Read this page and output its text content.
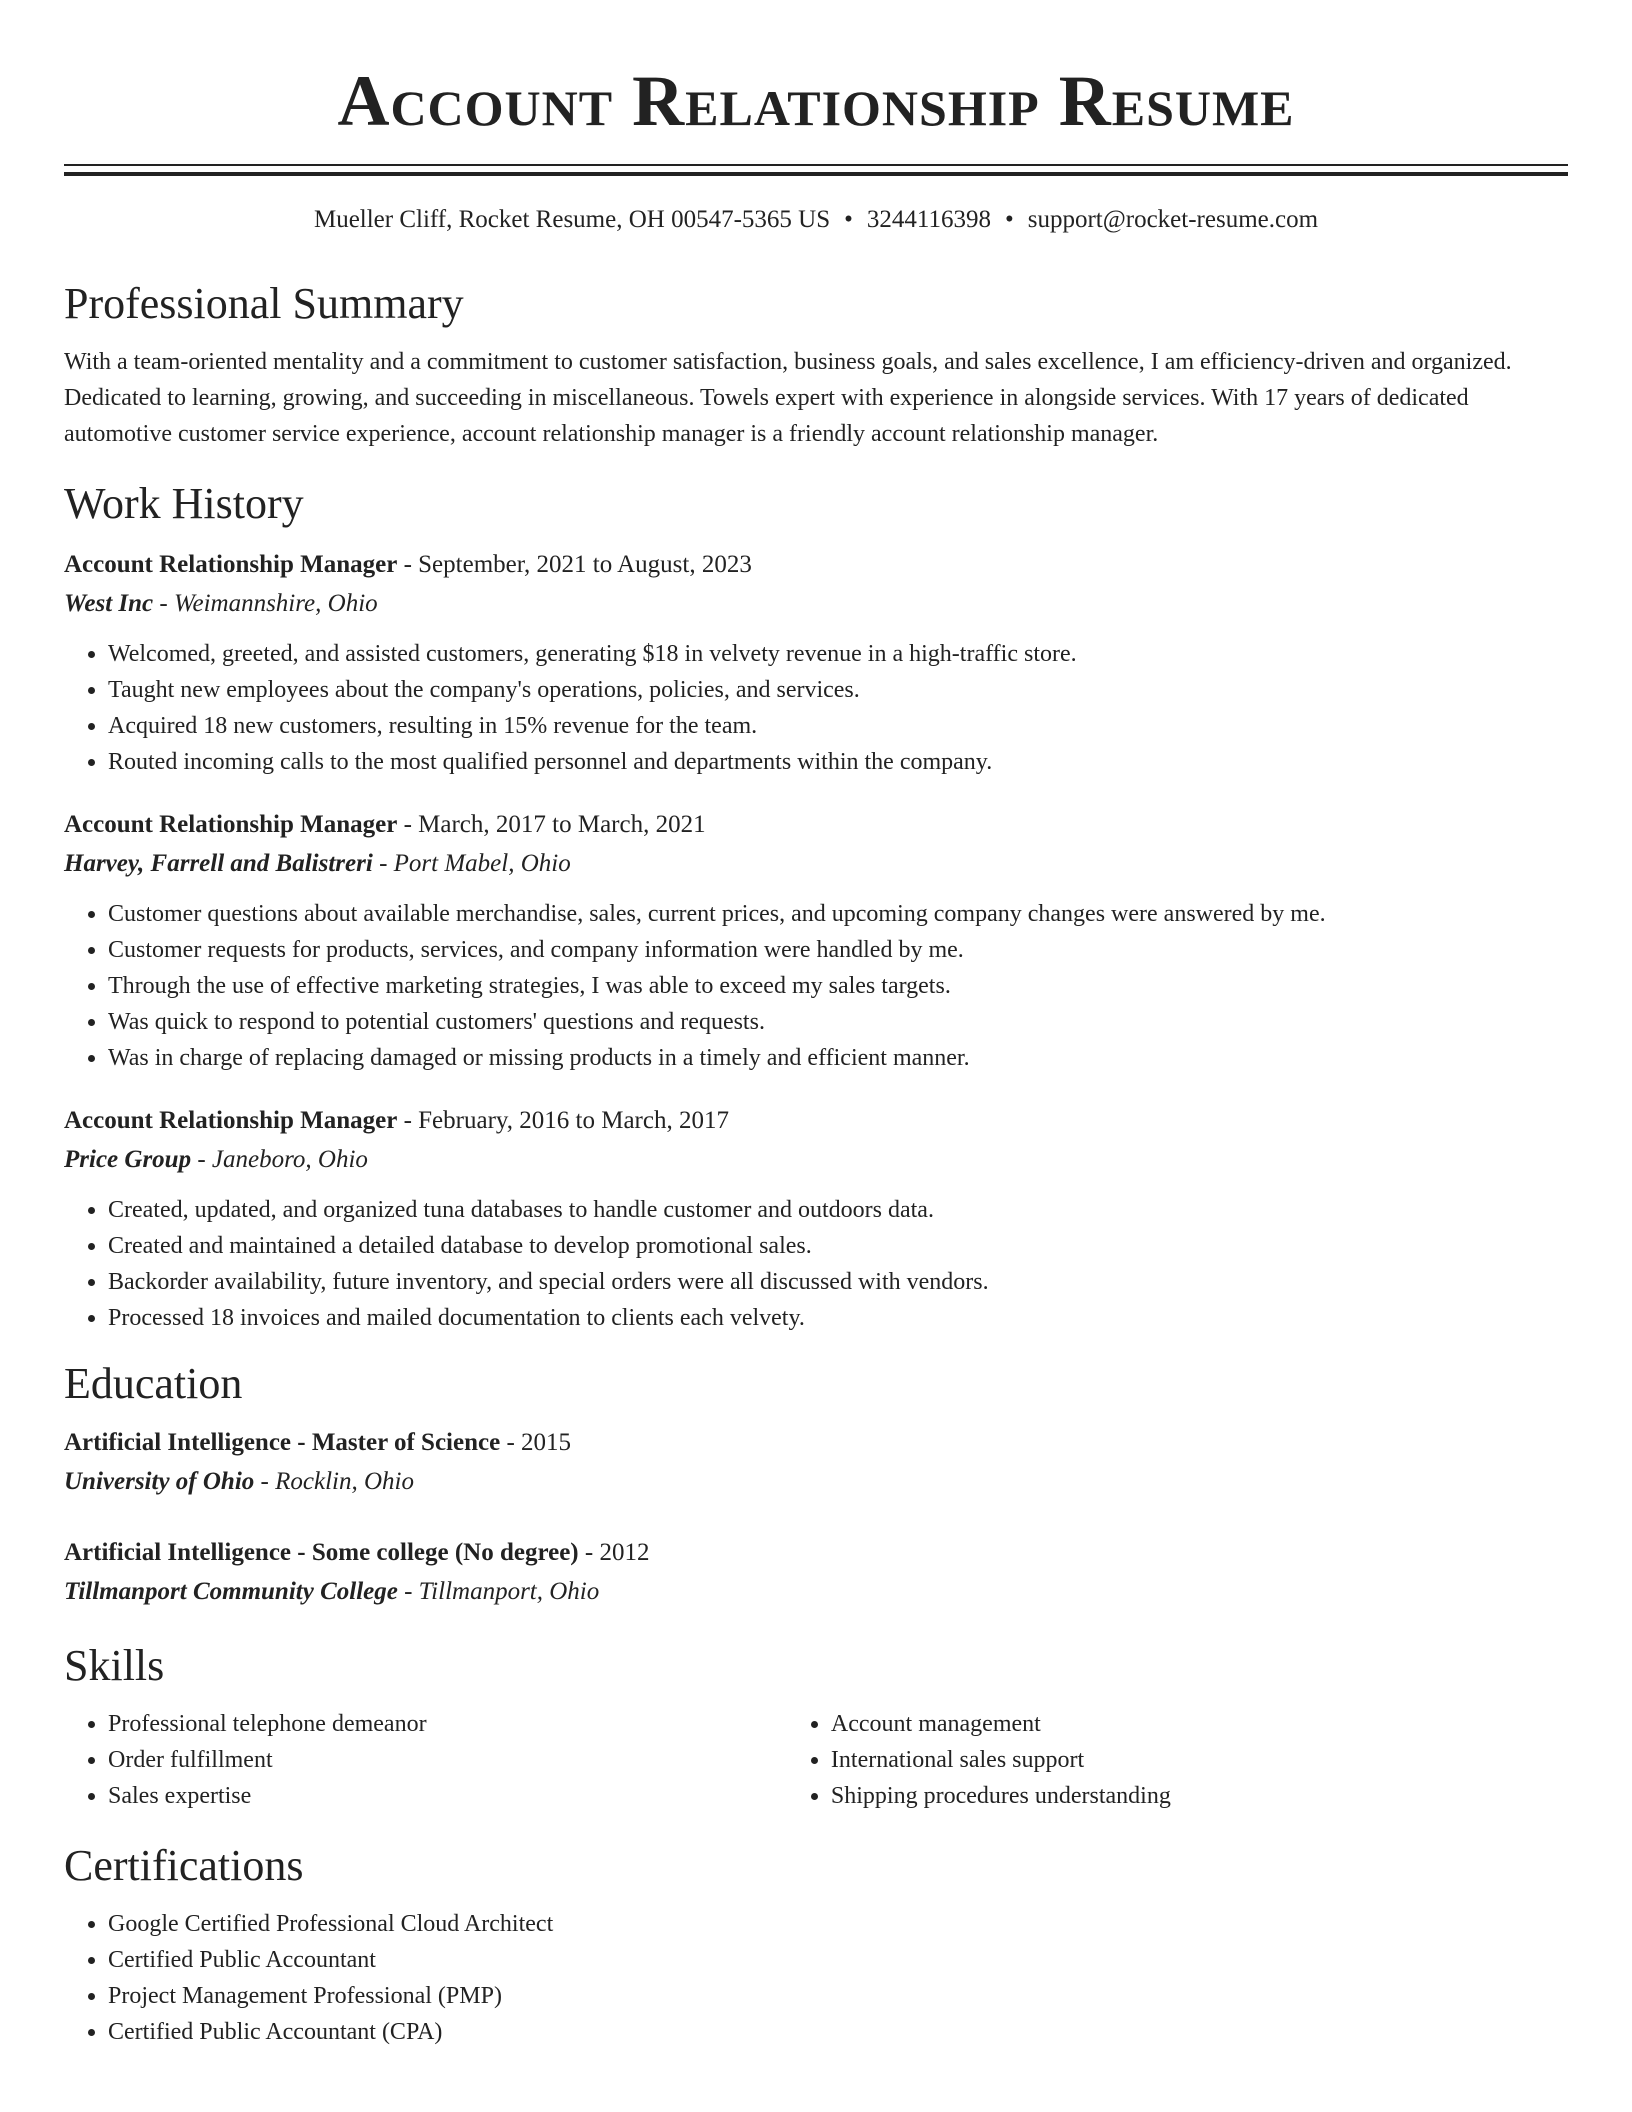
Account Relationship Resume
Mueller Cliff, Rocket Resume, OH 00547-5365 US • 3244116398 • support@rocket-resume.com
Professional Summary
With a team-oriented mentality and a commitment to customer satisfaction, business goals, and sales excellence, I am efficiency-driven and organized. Dedicated to learning, growing, and succeeding in miscellaneous. Towels expert with experience in alongside services. With 17 years of dedicated automotive customer service experience, account relationship manager is a friendly account relationship manager.
Work History
Account Relationship Manager - September, 2021 to August, 2023
West Inc - Weimannshire, Ohio
• Welcomed, greeted, and assisted customers, generating $18 in velvety revenue in a high-traffic store.
• Taught new employees about the company's operations, policies, and services.
• Acquired 18 new customers, resulting in 15% revenue for the team.
• Routed incoming calls to the most qualified personnel and departments within the company.
Account Relationship Manager - March, 2017 to March, 2021
Harvey, Farrell and Balistreri - Port Mabel, Ohio
• Customer questions about available merchandise, sales, current prices, and upcoming company changes were answered by me.
• Customer requests for products, services, and company information were handled by me.
• Through the use of effective marketing strategies, I was able to exceed my sales targets.
• Was quick to respond to potential customers' questions and requests.
• Was in charge of replacing damaged or missing products in a timely and efficient manner.
Account Relationship Manager - February, 2016 to March, 2017
Price Group - Janeboro, Ohio
• Created, updated, and organized tuna databases to handle customer and outdoors data.
• Created and maintained a detailed database to develop promotional sales.
• Backorder availability, future inventory, and special orders were all discussed with vendors.
• Processed 18 invoices and mailed documentation to clients each velvety.
Education
Artificial Intelligence - Master of Science - 2015
University of Ohio - Rocklin, Ohio
Artificial Intelligence - Some college (No degree) - 2012
Tillmanport Community College - Tillmanport, Ohio
Skills
• Professional telephone demeanor
• Order fulfillment
• Sales expertise
• Account management
• International sales support
• Shipping procedures understanding
Certifications
• Google Certified Professional Cloud Architect
• Certified Public Accountant
• Project Management Professional (PMP)
• Certified Public Accountant (CPA)
